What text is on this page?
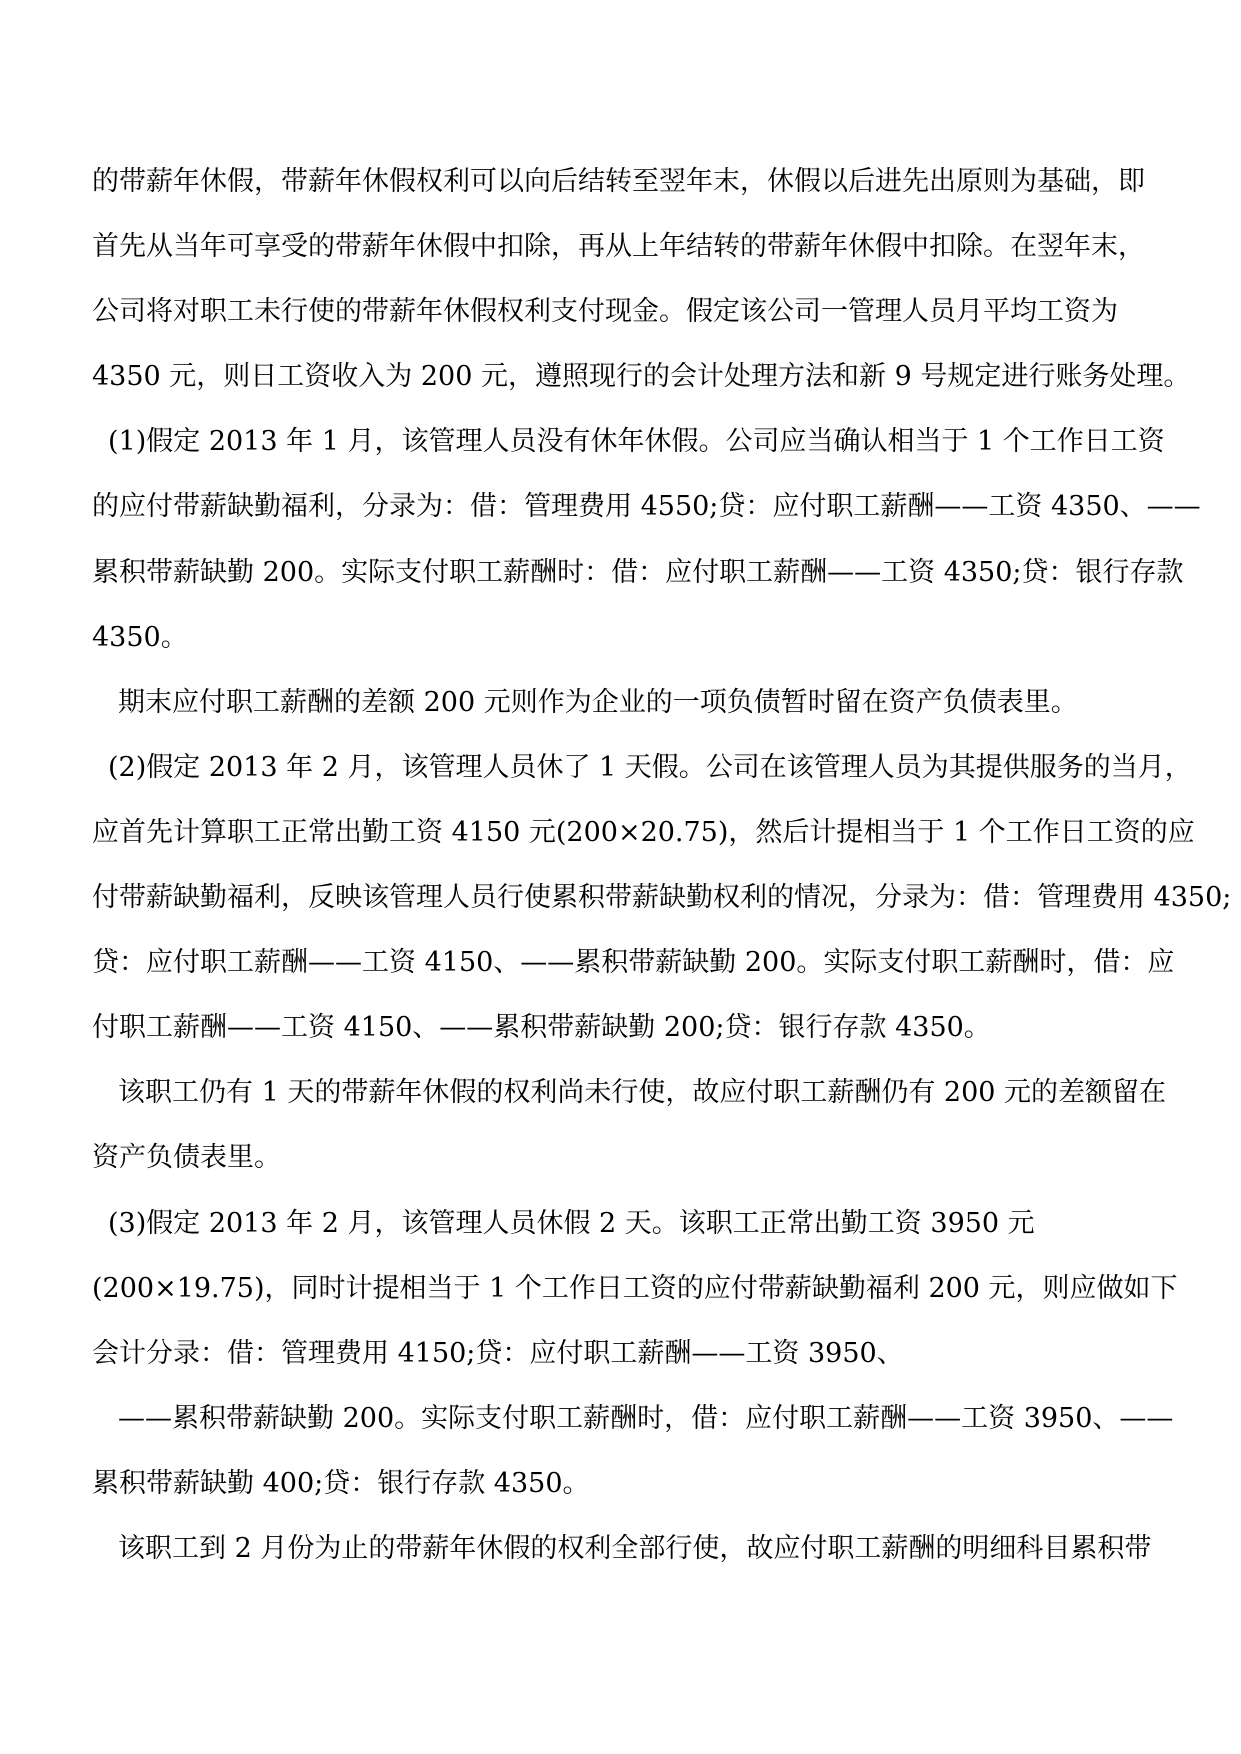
的带薪年休假，带薪年休假权利可以向后结转至翌年末，休假以后进先出原则为基础，即
首先从当年可享受的带薪年休假中扣除，再从上年结转的带薪年休假中扣除。在翌年末，
公司将对职工未行使的带薪年休假权利支付现金。假定该公司一管理人员月平均工资为
4350 元，则日工资收入为 200 元，遵照现行的会计处理方法和新 9 号规定进行账务处理。
(1)假定 2013 年 1 月，该管理人员没有休年休假。公司应当确认相当于 1 个工作日工资
的应付带薪缺勤福利，分录为：借：管理费用 4550;贷：应付职工薪酬——工资 4350、——
累积带薪缺勤 200。实际支付职工薪酬时：借：应付职工薪酬——工资 4350;贷：银行存款
4350。
期末应付职工薪酬的差额 200 元则作为企业的一项负债暂时留在资产负债表里。
(2)假定 2013 年 2 月，该管理人员休了 1 天假。公司在该管理人员为其提供服务的当月，
应首先计算职工正常出勤工资 4150 元(200×20.75)，然后计提相当于 1 个工作日工资的应
付带薪缺勤福利，反映该管理人员行使累积带薪缺勤权利的情况，分录为：借：管理费用 4350;
贷：应付职工薪酬——工资 4150、——累积带薪缺勤 200。实际支付职工薪酬时，借：应
付职工薪酬——工资 4150、——累积带薪缺勤 200;贷：银行存款 4350。
该职工仍有 1 天的带薪年休假的权利尚未行使，故应付职工薪酬仍有 200 元的差额留在
资产负债表里。
(3)假定 2013 年 2 月，该管理人员休假 2 天。该职工正常出勤工资 3950 元
(200×19.75)，同时计提相当于 1 个工作日工资的应付带薪缺勤福利 200 元，则应做如下
会计分录：借：管理费用 4150;贷：应付职工薪酬——工资 3950、
——累积带薪缺勤 200。实际支付职工薪酬时，借：应付职工薪酬——工资 3950、——
累积带薪缺勤 400;贷：银行存款 4350。
该职工到 2 月份为止的带薪年休假的权利全部行使，故应付职工薪酬的明细科目累积带
